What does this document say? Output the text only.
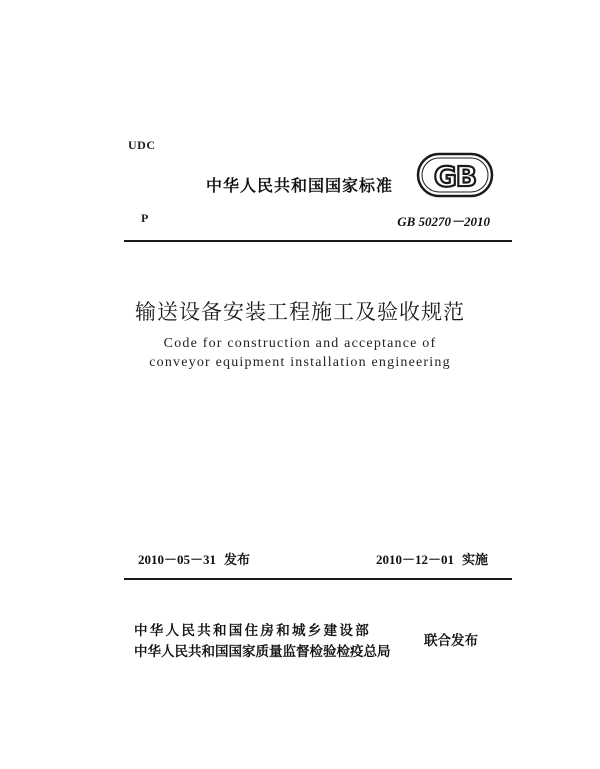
UDC
中华人民共和国国家标准 GB
P	GB 50270－2010
输送设备安装工程施工及验收规范
Code for construction and acceptance of
conveyor equipment installation engineering
2010－05－31 发布	2010－12－01 实施
中华人民共和国住房和城乡建设部
中华人民共和国国家质量监督检验检疫总局
联合发布
